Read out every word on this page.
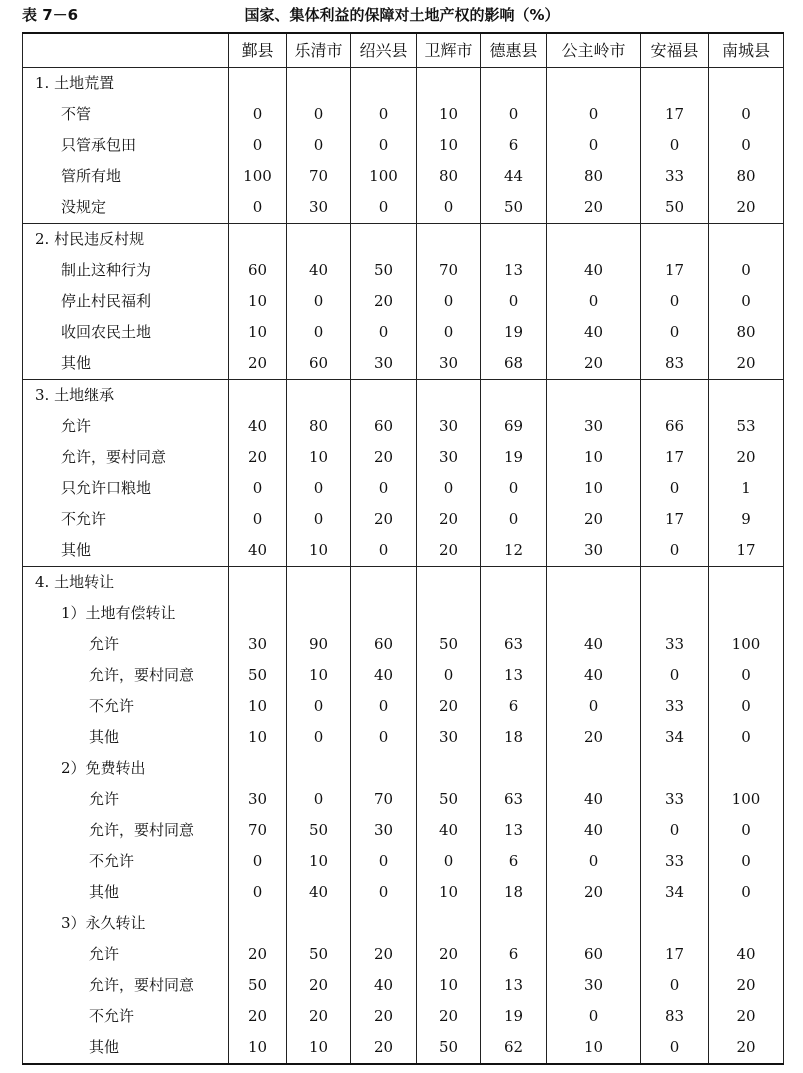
表 7－6	国家、集体利益的保障对土地产权的影响（%）
	鄞县	乐清市	绍兴县	卫辉市	德惠县	公主岭市	安福县	南城县
1. 土地荒置								
不管	0	0	0	10	0	0	17	0
只管承包田	0	0	0	10	6	0	0	0
管所有地	100	70	100	80	44	80	33	80
没规定	0	30	0	0	50	20	50	20
2. 村民违反村规								
制止这种行为	60	40	50	70	13	40	17	0
停止村民福利	10	0	20	0	0	0	0	0
收回农民土地	10	0	0	0	19	40	0	80
其他	20	60	30	30	68	20	83	20
3. 土地继承								
允许	40	80	60	30	69	30	66	53
允许，要村同意	20	10	20	30	19	10	17	20
只允许口粮地	0	0	0	0	0	10	0	1
不允许	0	0	20	20	0	20	17	9
其他	40	10	0	20	12	30	0	17
4. 土地转让								
1）土地有偿转让								
允许	30	90	60	50	63	40	33	100
允许，要村同意	50	10	40	0	13	40	0	0
不允许	10	0	0	20	6	0	33	0
其他	10	0	0	30	18	20	34	0
2）免费转出								
允许	30	0	70	50	63	40	33	100
允许，要村同意	70	50	30	40	13	40	0	0
不允许	0	10	0	0	6	0	33	0
其他	0	40	0	10	18	20	34	0
3）永久转让								
允许	20	50	20	20	6	60	17	40
允许，要村同意	50	20	40	10	13	30	0	20
不允许	20	20	20	20	19	0	83	20
其他	10	10	20	50	62	10	0	20
